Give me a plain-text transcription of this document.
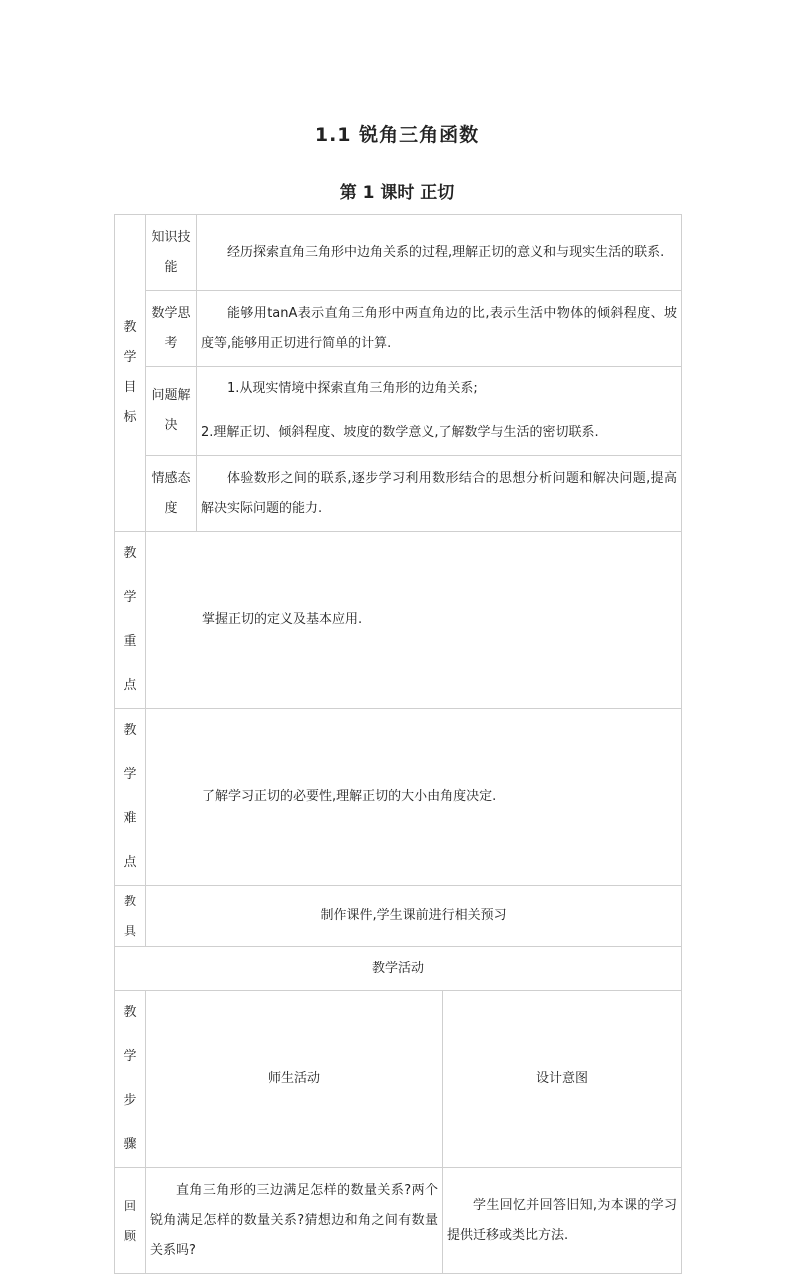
1.1 锐角三角函数
第 1 课时 正切
教
学
目
标	知识技能	经历探索直角三角形中边角关系的过程,理解正切的意义和与现实生活的联系.	
	数学思考	能够用tanA表示直角三角形中两直角边的比,表示生活中物体的倾斜程度、坡度等,能够用正切进行简单的计算.	
	问题解决	1.从现实情境中探索直角三角形的边角关系;
2.理解正切、倾斜程度、坡度的数学意义,了解数学与生活的密切联系.	

	情感态度	体验数形之间的联系,逐步学习利用数形结合的思想分析问题和解决问题,提高解决实际问题的能力.	

教学
重点	掌握正切的定义及基本应用.		

教学
难点	了解学习正切的必要性,理解正切的大小由角度决定.		
教具	制作课件,学生课前进行相关预习		
教学活动			

教学
步骤	师生活动		设计意图
回顾	直角三角形的三边满足怎样的数量关系?两个锐角满足怎样的数量关系?猜想边和角之间有数量关系吗?		学生回忆并回答旧知,为本课的学习提供迁移或类比方法.
